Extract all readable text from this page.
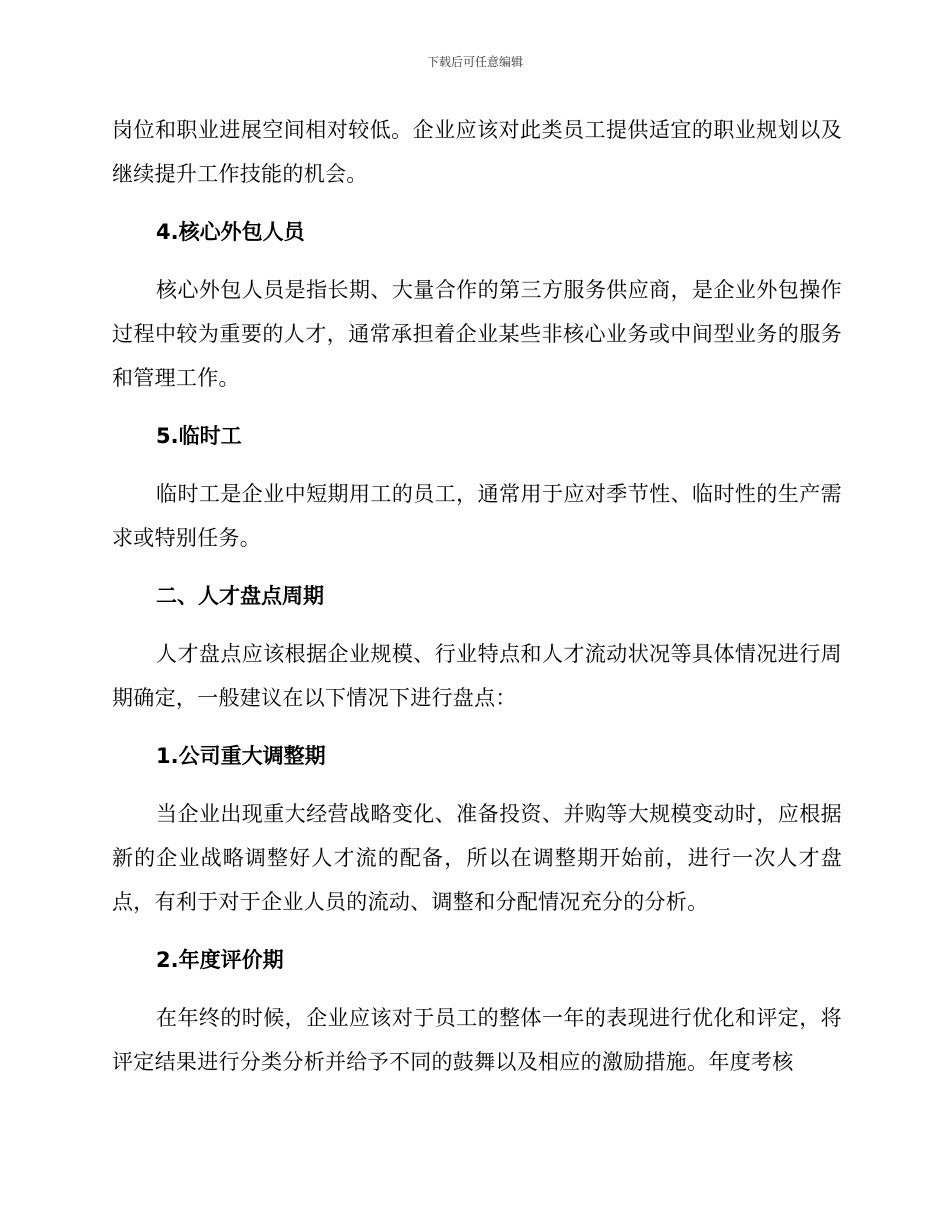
下载后可任意编辑

岗位和职业进展空间相对较低。企业应该对此类员工提供适宜的职业规划以及继续提升工作技能的机会。

4.核心外包人员

核心外包人员是指长期、大量合作的第三方服务供应商，是企业外包操作过程中较为重要的人才，通常承担着企业某些非核心业务或中间型业务的服务和管理工作。

5.临时工

临时工是企业中短期用工的员工，通常用于应对季节性、临时性的生产需求或特别任务。

二、人才盘点周期

人才盘点应该根据企业规模、行业特点和人才流动状况等具体情况进行周期确定，一般建议在以下情况下进行盘点：

1.公司重大调整期

当企业出现重大经营战略变化、准备投资、并购等大规模变动时，应根据新的企业战略调整好人才流的配备，所以在调整期开始前，进行一次人才盘点，有利于对于企业人员的流动、调整和分配情况充分的分析。

2.年度评价期

在年终的时候，企业应该对于员工的整体一年的表现进行优化和评定，将评定结果进行分类分析并给予不同的鼓舞以及相应的激励措施。年度考核
